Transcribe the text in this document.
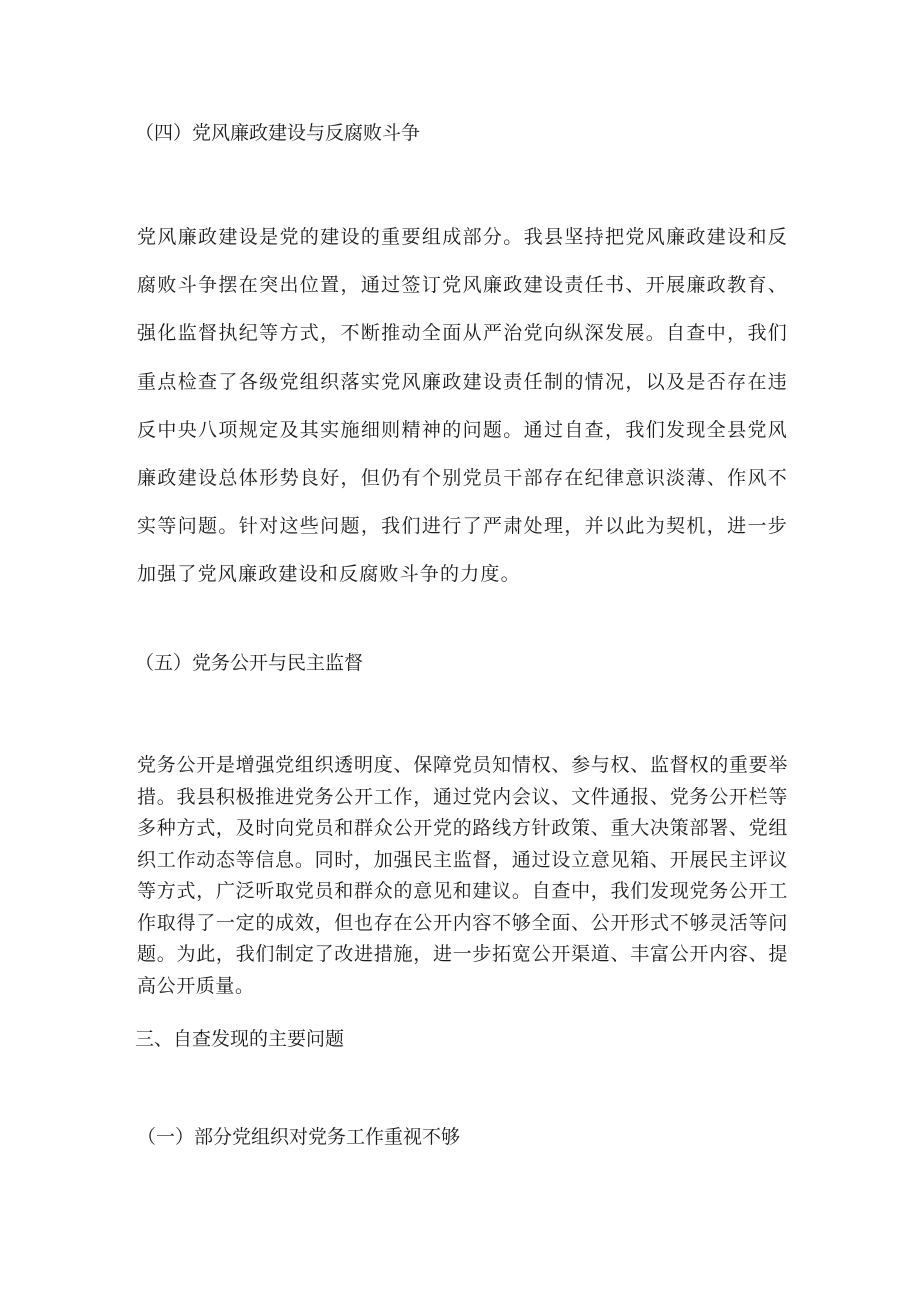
（四）党风廉政建设与反腐败斗争
党风廉政建设是党的建设的重要组成部分。我县坚持把党风廉政建设和反腐败斗争摆在突出位置，通过签订党风廉政建设责任书、开展廉政教育、强化监督执纪等方式，不断推动全面从严治党向纵深发展。自查中，我们重点检查了各级党组织落实党风廉政建设责任制的情况，以及是否存在违反中央八项规定及其实施细则精神的问题。通过自查，我们发现全县党风廉政建设总体形势良好，但仍有个别党员干部存在纪律意识淡薄、作风不实等问题。针对这些问题，我们进行了严肃处理，并以此为契机，进一步加强了党风廉政建设和反腐败斗争的力度。
（五）党务公开与民主监督
党务公开是增强党组织透明度、保障党员知情权、参与权、监督权的重要举措。我县积极推进党务公开工作，通过党内会议、文件通报、党务公开栏等多种方式，及时向党员和群众公开党的路线方针政策、重大决策部署、党组织工作动态等信息。同时，加强民主监督，通过设立意见箱、开展民主评议等方式，广泛听取党员和群众的意见和建议。自查中，我们发现党务公开工作取得了一定的成效，但也存在公开内容不够全面、公开形式不够灵活等问题。为此，我们制定了改进措施，进一步拓宽公开渠道、丰富公开内容、提高公开质量。
三、自查发现的主要问题
（一）部分党组织对党务工作重视不够
